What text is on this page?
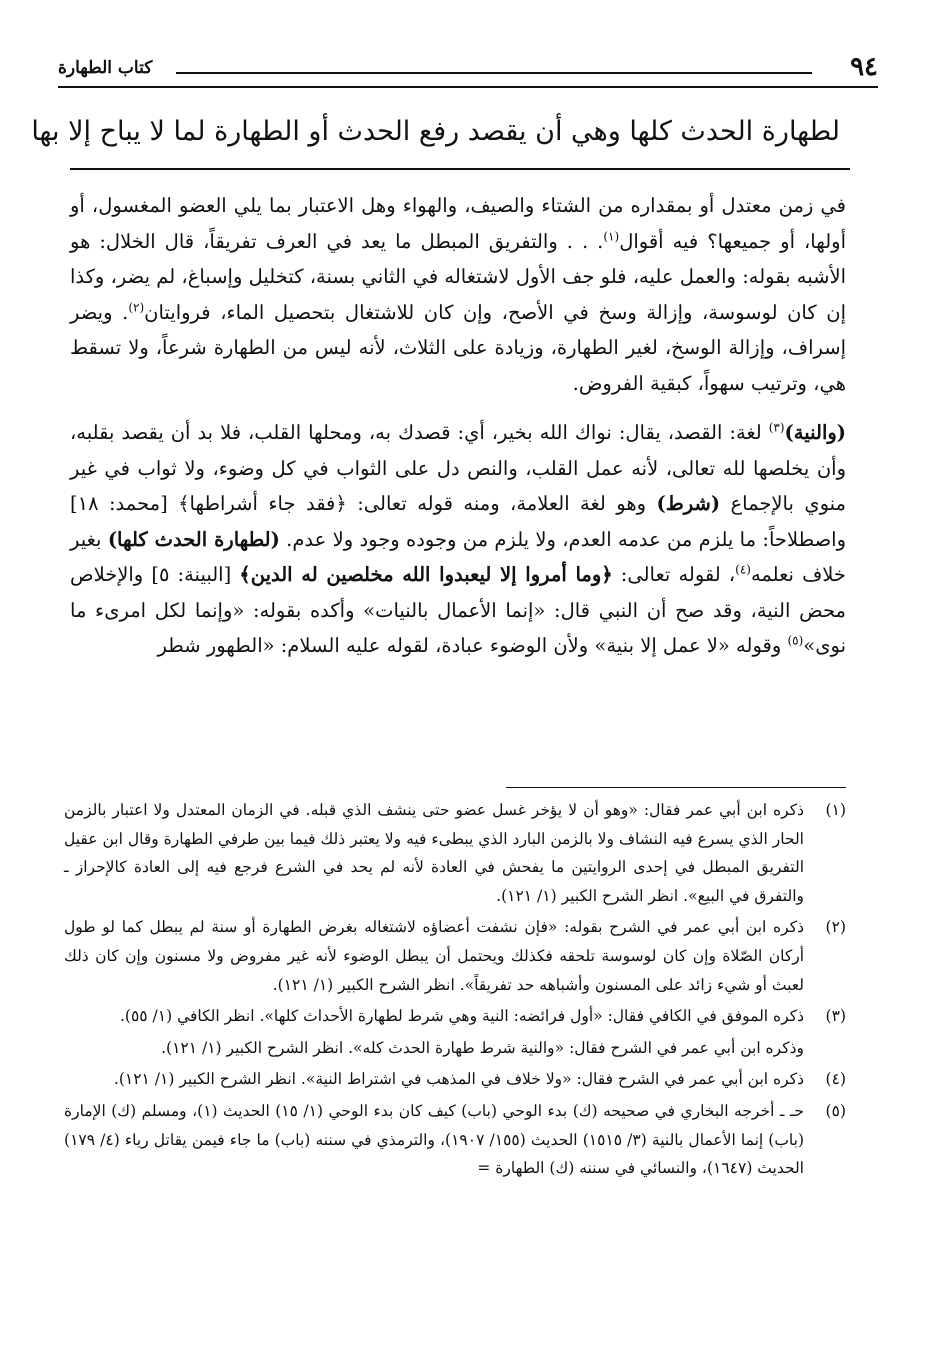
٩٤
كتاب الطهارة
لطهارة الحدث كلها وهي أن يقصد رفع الحدث أو الطهارة لما لا يباح إلا بها

في زمن معتدل أو بمقداره من الشتاء والصيف، والهواء وهل الاعتبار بما يلي العضو المغسول، أو أولها، أو جميعها؟ فيه أقوال$^{(١)}$. . . والتفريق المبطل ما يعد في العرف تفريقاً، قال الخلال: هو الأشبه بقوله: والعمل عليه، فلو جف الأول لاشتغاله في الثاني بسنة، كتخليل وإسباغ، لم يضر، وكذا إن كان لوسوسة، وإزالة وسخ في الأصح، وإن كان للاشتغال بتحصيل الماء، فروايتان$^{(٢)}$. ويضر إسراف، وإزالة الوسخ، لغير الطهارة، وزيادة على الثلاث، لأنه ليس من الطهارة شرعاً، ولا تسقط هي، وترتيب سهواً، كبقية الفروض.

(والنية)$^{(٣)}$ لغة: القصد، يقال: نواك الله بخير، أي: قصدك به، ومحلها القلب، فلا بد أن يقصد بقلبه، وأن يخلصها لله تعالى، لأنه عمل القلب، والنص دل على الثواب في كل وضوء، ولا ثواب في غير منوي بالإجماع (شرط) وهو لغة العلامة، ومنه قوله تعالى: ﴿فقد جاء أشراطها﴾ [محمد: ١٨] واصطلاحاً: ما يلزم من عدمه العدم، ولا يلزم من وجوده وجود ولا عدم. (لطهارة الحدث كلها) بغير خلاف نعلمه$^{(٤)}$، لقوله تعالى: ﴿وما أمروا إلا ليعبدوا الله مخلصين له الدين﴾ [البينة: ٥] والإخلاص محض النية، وقد صح أن النبي قال: «إنما الأعمال بالنيات» وأكده بقوله: «وإنما لكل امرىء ما نوى»$^{(٥)}$ وقوله «لا عمل إلا بنية» ولأن الوضوء عبادة، لقوله عليه السلام: «الطهور شطر

(١)
ذكره ابن أبي عمر فقال: «وهو أن لا يؤخر غسل عضو حتى ينشف الذي قبله. في الزمان المعتدل ولا اعتبار بالزمن الحار الذي يسرع فيه النشاف ولا بالزمن البارد الذي يبطىء فيه ولا يعتبر ذلك فيما بين طرفي الطهارة وقال ابن عقيل التفريق المبطل في إحدى الروايتين ما يفحش في العادة لأنه لم يحد في الشرع فرجع فيه إلى العادة كالإحراز ـ والتفرق في البيع». انظر الشرح الكبير (١/ ١٢١).
(٢)
ذكره ابن أبي عمر في الشرح بقوله: «فإن نشفت أعضاؤه لاشتغاله بغرض الطهارة أو سنة لم يبطل كما لو طول أركان الصّلاة وإن كان لوسوسة تلحقه فكذلك ويحتمل أن يبطل الوضوء لأنه غير مفروض ولا مسنون وإن كان ذلك لعبث أو شيء زائد على المسنون وأشباهه حد تفريقاً». انظر الشرح الكبير (١/ ١٢١).
(٣)
ذكره الموفق في الكافي فقال: «أول فرائضه: النية وهي شرط لطهارة الأحداث كلها». انظر الكافي (١/ ٥٥).
وذكره ابن أبي عمر في الشرح فقال: «والنية شرط طهارة الحدث كله». انظر الشرح الكبير (١/ ١٢١).
(٤)
ذكره ابن أبي عمر في الشرح فقال: «ولا خلاف في المذهب في اشتراط النية». انظر الشرح الكبير (١/ ١٢١).
(٥)
حـ ـ أخرجه البخاري في صحيحه (ك) بدء الوحي (باب) كيف كان بدء الوحي (١/ ١٥) الحديث (١)، ومسلم (ك) الإمارة (باب) إنما الأعمال بالنية (٣/ ١٥١٥) الحديث (١٥٥/ ١٩٠٧)، والترمذي في سننه (باب) ما جاء فيمن يقاتل رياء (٤/ ١٧٩) الحديث (١٦٤٧)، والنسائي في سننه (ك) الطهارة =
